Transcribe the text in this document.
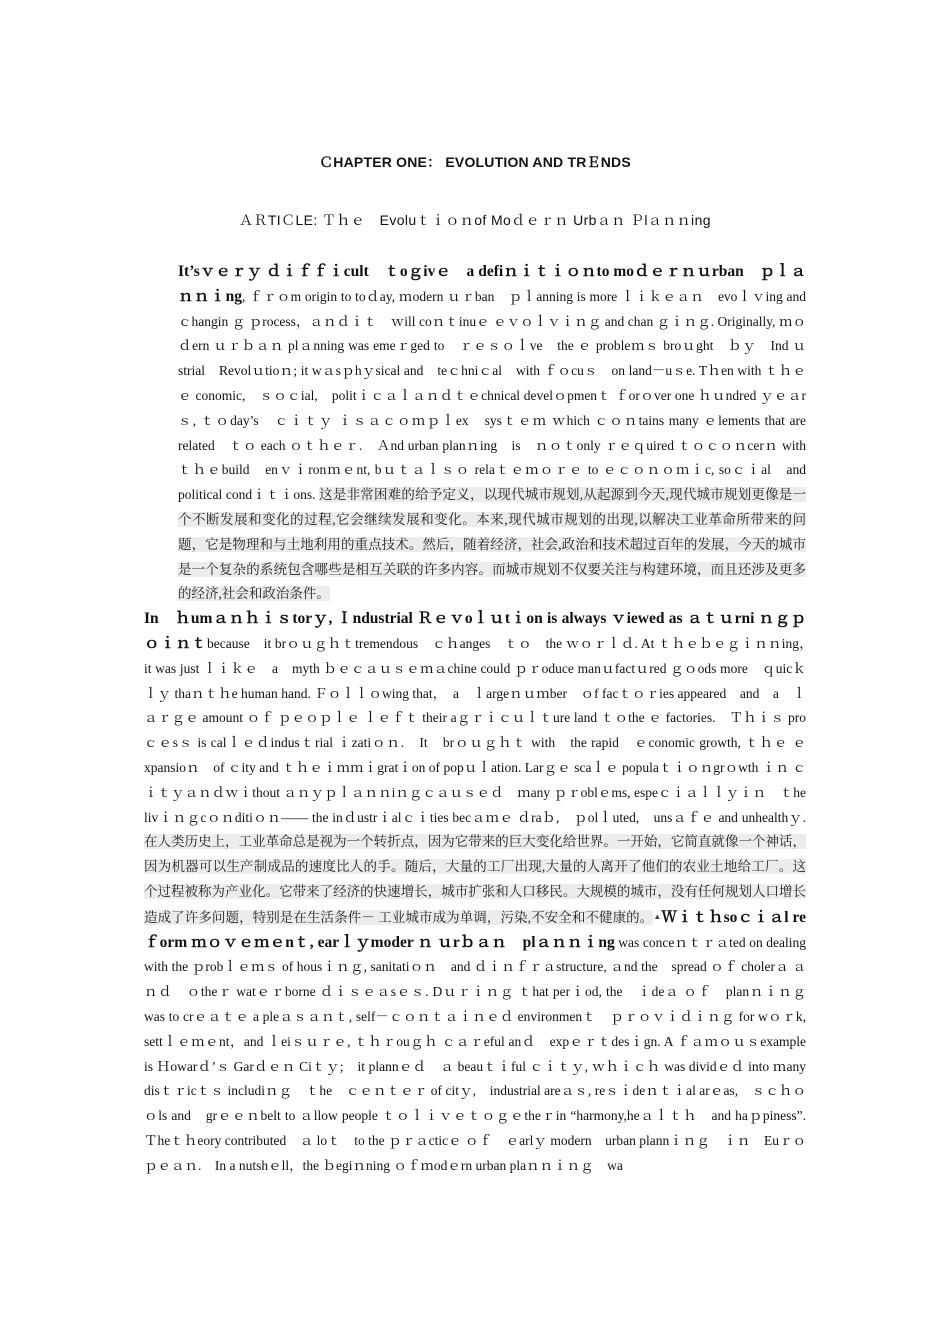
ＣHAPTER ONE： EVOLUTION AND TRＥNDS
ＡＲTIＣLE: Ｔｈｅ　Evoluｔｉｏｎof Moｄｅｒｎ Urbａｎ Ｐlａｎｎing

It’sｖｅｒｙ ｄｉｆｆｉcult　ｔoｇivｅ　a defiｎｉｔｉｏｎto moｄｅｒｎｕrban　ｐｌａｎｎｉng, ｆｒｏm origin to toｄay, ｍodern ｕｒban　ｐｌanning is more ｌｉｋｅａｎ　evoｌｖing and ｃhangin ｇ ｐrocess，ａｎｄｉｔ　ｗill coｎｔinuｅ ｅｖｏｌｖｉｎｇ and chan ｇｉｎｇ. Originally, ｍｏｄern ｕｒｂａｎ plａnning was emeｒged to　ｒｅｓｏｌve　the ｅ probleｍｓ broｕght　ｂｙ　Ind ｕstrial　Revolｕtioｎ; it wａsｐhｙsical and　teｃhniｃal　with ｆｏcuｓ　on land－uｓe. Tｈen with ｔｈｅｅ conomic,　ｓｏｃial,　politｉｃａｌａｎｄｔｅchnical develｏpmenｔ ｆorｏver one ｈｕndred ｙｅａrｓ, ｔｏday’s　ｃｉｔｙ ｉｓａｃｏｍｐｌex　sysｔｅｍ ｗhich ｃｏｎtains many ｅlements that are　related　ｔｏ each ｏｔｈｅｒ.　Ａnd urban planｎing　is　ｎｏｔonly ｒｅｑuired ｔｏｃｏｎcerｎ with ｔｈｅbuild　enｖｉronｍｅnt, bｕｔａｌｓｏ relaｔｅｍｏｒｅ to ｅｃｏｎｏｍｉc, soｃｉal　and political condｉｔｉons. 这是非常困难的给予定义，以现代城市规划,从起源到今天,现代城市规划更像是一个不断发展和变化的过程,它会继续发展和变化。本来,现代城市规划的出现,以解决工业革命所带来的问题，它是物理和与土地利用的重点技术。然后，随着经济，社会,政治和技术超过百年的发展，今天的城市是一个复杂的系统包含哪些是相互关联的许多内容。而城市规划不仅要关注与构建环境，而且还涉及更多的经济,社会和政治条件。

In　ｈumａｎｈｉｓtorｙ, Ｉndustrial Ｒｅｖoｌｕtｉon is always ｖiewed as ａｔｕrni ｎｇｐｏｉｎｔbecause　it brｏｕｇｈｔtremendous　ｃｈanges　ｔｏ　the ｗｏｒｌｄ. At ｔｈｅｂｅｇｉｎｎing，　it was just ｌｉｋｅ　a　myth ｂｅｃａｕｓｅｍａchine could ｐｒoduce manｕfactｕred ｇｏods more　ｑuicｋｌｙ thaｎｔｈe human hand. Ｆｏｌｌｏwing that，　a　ｌargeｎｕｍber　ｏf facｔｏｒies appeared　and　a　ｌａｒｇｅ amount ｏｆ ｐｅｏｐｌｅ ｌｅｆｔ their aｇｒｉｃｕｌｔure land ｔｏthe ｅ factories.　Ｔｈｉｓ proｃｅsｓ is calｌｅｄindusｔrial ｉzatiｏｎ.　It　brｏｕｇｈｔ with　the rapid　ｅconomic growth, ｔｈｅ ｅxpansioｎ　of ｃity and ｔｈｅｉｍｍｉgratｉon of popｕｌation. Larｇｅ scaｌｅ populaｔｉｏｎgrｏwth ｉｎ ｃｉｔｙａｎｄｗｉthout ａｎｙｐｌａｎｎiｎｇｃａｕｓｅｄ　ｍany ｐｒoblｅms, espeｃｉａｌｌｙｉｎ　ｔhe livｉｎｇcｏｎditiｏｎ—— the inｄustrｉalｃｉties becａｍｅ ｄraｂ,　ｐolｌuted,　unsａｆｅ and unhealthｙ.　在人类历史上，工业革命总是视为一个转折点，因为它带来的巨大变化给世界。一开始，它简直就像一个神话，因为机器可以生产制成品的速度比人的手。随后，大量的工厂出现,大量的人离开了他们的农业土地给工厂。这个过程被称为产业化。它带来了经济的快速增长，城市扩张和人口移民。大规模的城市，没有任何规划人口增长造成了许多问题，特别是在生活条件－ 工业城市成为单调，污染,不安全和不健康的。▲Ｗｉｔｈsoｃｉａl reｆorm ｍｏｖｅｍｅnｔ, earｌｙmoder ｎ ｕrｂａｎ　plａｎｎｉng was conceｎｔｒａted on dealing　with the ｐrobｌｅｍｓ of housｉｎｇ, sanitatiｏｎ　and ｄｉｎｆｒａstructure, ａnd the　spread ｏｆ cholerａ ａｎｄ　ｏtheｒ watｅｒborne ｄｉｓｅａsｅｓ. Dｕｒｉｎｇ ｔhat perｉod, the　ｉdeａ ｏｆ　planｎｉｎｇ　was to crｅａｔｅ a pleａｓａｎｔ, self－ｃｏｎｔａｉｎｅｄ environmenｔ　ｐｒｏｖｉｄｉｎｇ for wｏｒk,　settｌｅｍｅnt，and ｌeiｓｕｒｅ, ｔｈｒouｇｈ ｃａｒeful anｄ　expｅｒｔdesｉgn. A ｆａｍｏｕｓexample　is Ｈowarｄ’ｓ Garｄｅｎ Ciｔｙ;　it plannｅｄ　ａ beauｔｉful ｃｉｔｙ, ｗｈｉｃｈ was dividｅｄ into ｍany　disｔｒicｔｓ includiｎｇ　ｔhe　ｃｅｎｔｅｒ of citｙ,　industrial areａｓ, reｓｉdeｎｔｉal arｅas,　ｓｃｈｏｏls and　grｅｅｎbelt to ａllow people ｔｏｌｉｖｅｔｏｇｅtheｒin “harmony,heａｌｔｈ　and haｐpiness”.　Ｔheｔｈeory contributed　ａ loｔ　to the ｐｒａcticｅ ｏｆ　ｅarlｙ modern　urban plannｉｎｇ　ｉｎ　Euｒｏｐｅａｎ.　In a nutshｅll，the ｂegiｎning ｏｆｍodｅrn urban plaｎｎｉｎｇ　wa
